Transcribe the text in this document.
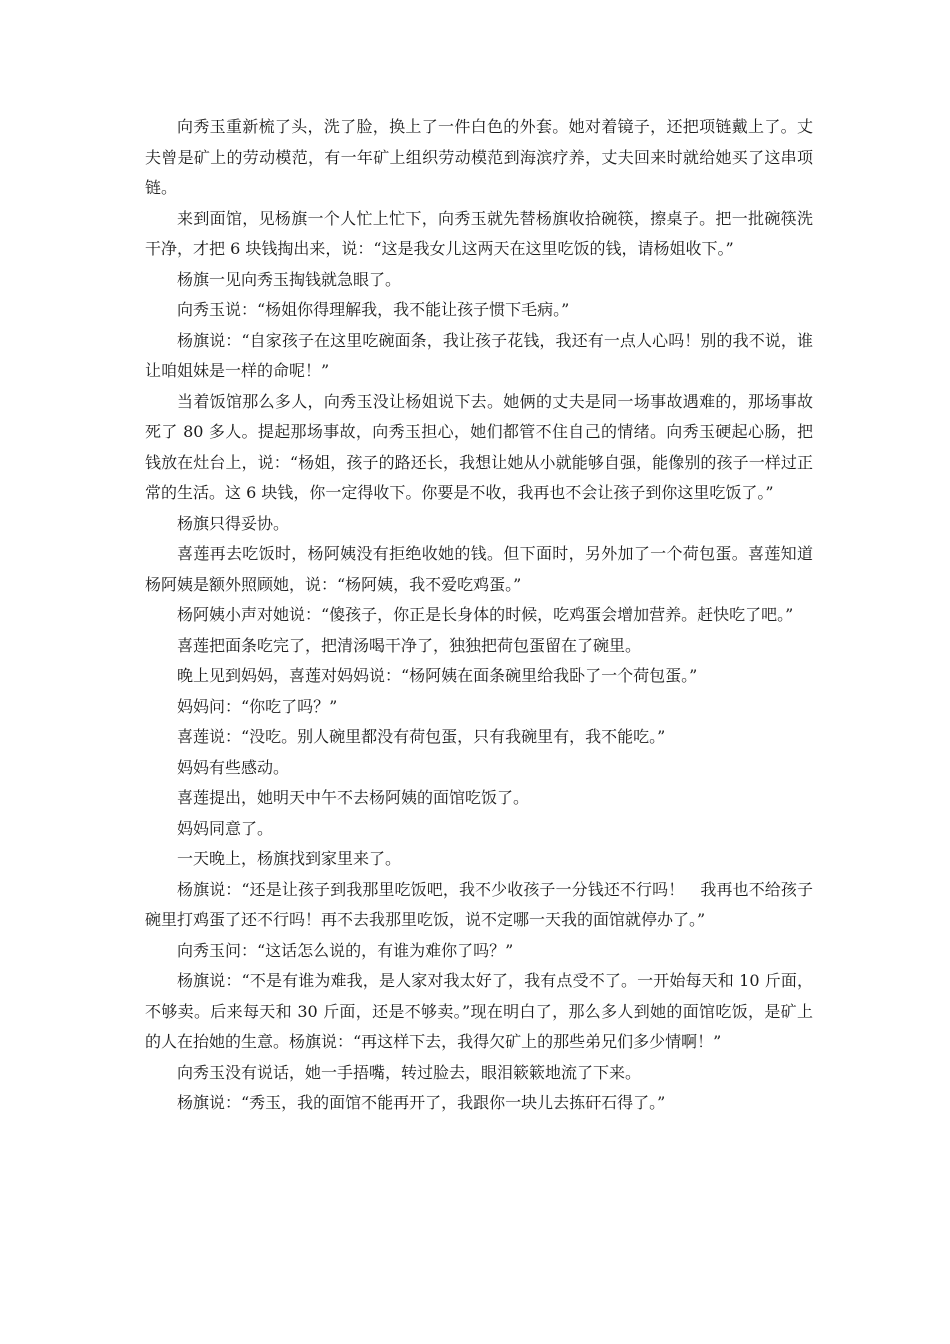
向秀玉重新梳了头，洗了脸，换上了一件白色的外套。她对着镜子，还把项链戴上了。丈夫曾是矿上的劳动模范，有一年矿上组织劳动模范到海滨疗养，丈夫回来时就给她买了这串项链。

来到面馆，见杨旗一个人忙上忙下，向秀玉就先替杨旗收拾碗筷，擦桌子。把一批碗筷洗干净，才把 6 块钱掏出来，说：“这是我女儿这两天在这里吃饭的钱，请杨姐收下。”

杨旗一见向秀玉掏钱就急眼了。

向秀玉说：“杨姐你得理解我，我不能让孩子惯下毛病。”

杨旗说：“自家孩子在这里吃碗面条，我让孩子花钱，我还有一点人心吗！别的我不说，谁让咱姐妹是一样的命呢！”

当着饭馆那么多人，向秀玉没让杨姐说下去。她俩的丈夫是同一场事故遇难的，那场事故死了 80 多人。提起那场事故，向秀玉担心，她们都管不住自己的情绪。向秀玉硬起心肠，把钱放在灶台上，说：“杨姐，孩子的路还长，我想让她从小就能够自强，能像别的孩子一样过正常的生活。这 6 块钱，你一定得收下。你要是不收，我再也不会让孩子到你这里吃饭了。”

杨旗只得妥协。

喜莲再去吃饭时，杨阿姨没有拒绝收她的钱。但下面时，另外加了一个荷包蛋。喜莲知道杨阿姨是额外照顾她，说：“杨阿姨，我不爱吃鸡蛋。”

杨阿姨小声对她说：“傻孩子，你正是长身体的时候，吃鸡蛋会增加营养。赶快吃了吧。”

喜莲把面条吃完了，把清汤喝干净了，独独把荷包蛋留在了碗里。

晚上见到妈妈，喜莲对妈妈说：“杨阿姨在面条碗里给我卧了一个荷包蛋。”

妈妈问：“你吃了吗？”

喜莲说：“没吃。别人碗里都没有荷包蛋，只有我碗里有，我不能吃。”

妈妈有些感动。

喜莲提出，她明天中午不去杨阿姨的面馆吃饭了。

妈妈同意了。

一天晚上，杨旗找到家里来了。

杨旗说：“还是让孩子到我那里吃饭吧，我不少收孩子一分钱还不行吗！　我再也不给孩子碗里打鸡蛋了还不行吗！再不去我那里吃饭，说不定哪一天我的面馆就停办了。”

向秀玉问：“这话怎么说的，有谁为难你了吗？”

杨旗说：“不是有谁为难我，是人家对我太好了，我有点受不了。一开始每天和 10 斤面，不够卖。后来每天和 30 斤面，还是不够卖。”现在明白了，那么多人到她的面馆吃饭，是矿上的人在抬她的生意。杨旗说：“再这样下去，我得欠矿上的那些弟兄们多少情啊！”

向秀玉没有说话，她一手捂嘴，转过脸去，眼泪簌簌地流了下来。

杨旗说：“秀玉，我的面馆不能再开了，我跟你一块儿去拣矸石得了。”
